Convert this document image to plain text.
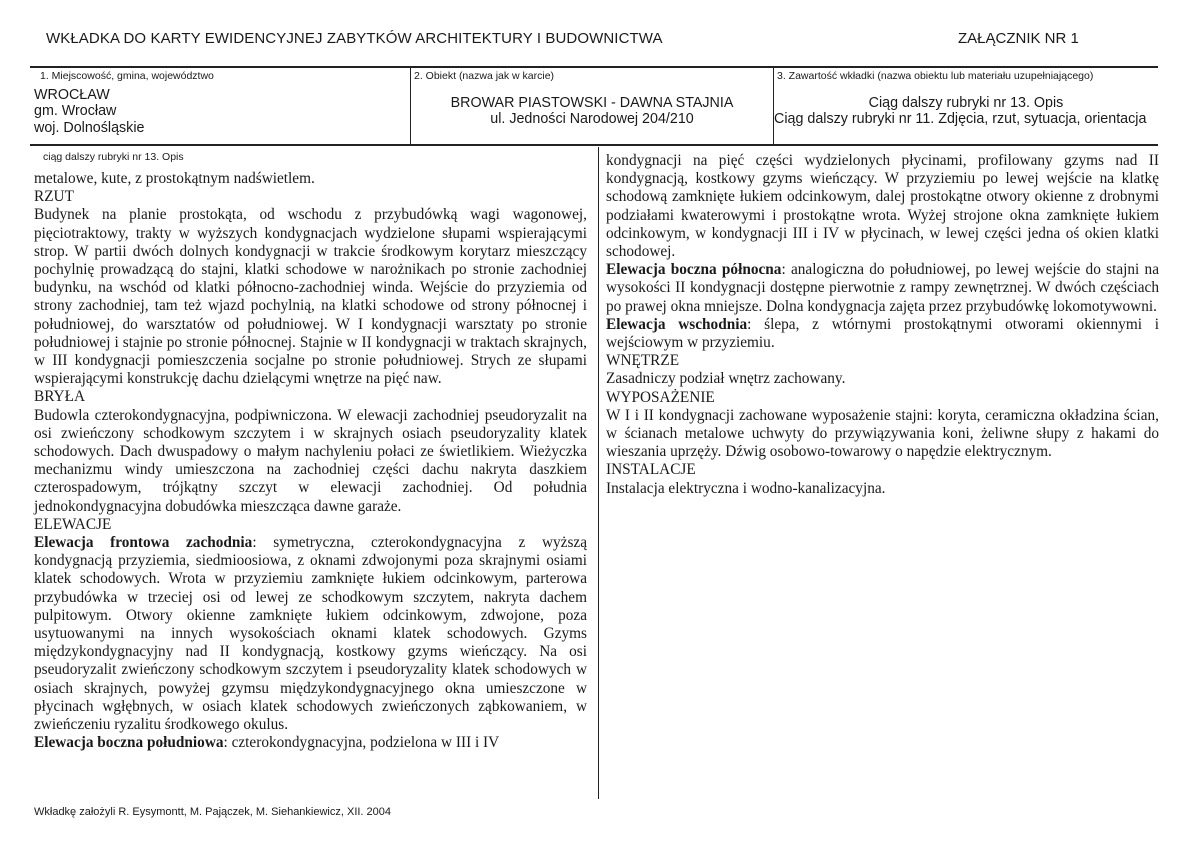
WKŁADKA DO KARTY EWIDENCYJNEJ ZABYTKÓW ARCHITEKTURY I BUDOWNICTWA	ZAŁĄCZNIK NR 1
1. Miejscowość, gmina, województwo
WROCŁAW
gm. Wrocław
woj. Dolnośląskie
2. Obiekt (nazwa jak w karcie)
BROWAR PIASTOWSKI - DAWNA STAJNIA
ul. Jedności Narodowej 204/210
3. Zawartość wkładki (nazwa obiektu lub materiału uzupełniającego)
Ciąg dalszy rubryki nr 13. Opis
Ciąg dalszy rubryki nr 11. Zdjęcia, rzut, sytuacja, orientacja
ciąg dalszy rubryki nr 13. Opis

metalowe, kute, z prostokątnym nadświetlem.

RZUT

Budynek na planie prostokąta, od wschodu z przybudówką wagi wagonowej, pięciotraktowy, trakty w wyższych kondygnacjach wydzielone słupami wspierającymi strop. W partii dwóch dolnych kondygnacji w trakcie środkowym korytarz mieszczący pochylnię prowadzącą do stajni, klatki schodowe w narożnikach po stronie zachodniej budynku, na wschód od klatki północno-zachodniej winda. Wejście do przyziemia od strony zachodniej, tam też wjazd pochylnią, na klatki schodowe od strony północnej i południowej, do warsztatów od południowej. W I kondygnacji warsztaty po stronie południowej i stajnie po stronie północnej. Stajnie w II kondygnacji w traktach skrajnych, w III kondygnacji pomieszczenia socjalne po stronie południowej. Strych ze słupami wspierającymi konstrukcję dachu dzielącymi wnętrze na pięć naw.

BRYŁA

Budowla czterokondygnacyjna, podpiwniczona. W elewacji zachodniej pseudoryzalit na osi zwieńczony schodkowym szczytem i w skrajnych osiach pseudoryzality klatek schodowych. Dach dwuspadowy o małym nachyleniu połaci ze świetlikiem. Wieżyczka mechanizmu windy umieszczona na zachodniej części dachu nakryta daszkiem czterospadowym, trójkątny szczyt w elewacji zachodniej. Od południa jednokondygnacyjna dobudówka mieszcząca dawne garaże.

ELEWACJE

Elewacja frontowa zachodnia: symetryczna, czterokondygnacyjna z wyższą kondygnacją przyziemia, siedmioosiowa, z oknami zdwojonymi poza skrajnymi osiami klatek schodowych. Wrota w przyziemiu zamknięte łukiem odcinkowym, parterowa przybudówka w trzeciej osi od lewej ze schodkowym szczytem, nakryta dachem pulpitowym. Otwory okienne zamknięte łukiem odcinkowym, zdwojone, poza usytuowanymi na innych wysokościach oknami klatek schodowych. Gzyms międzykondygnacyjny nad II kondygnacją, kostkowy gzyms wieńczący. Na osi pseudoryzalit zwieńczony schodkowym szczytem i pseudoryzality klatek schodowych w osiach skrajnych, powyżej gzymsu międzykondygnacyjnego okna umieszczone w płycinach wgłębnych, w osiach klatek schodowych zwieńczonych ząbkowaniem, w zwieńczeniu ryzalitu środkowego okulus.

Elewacja boczna południowa: czterokondygnacyjna, podzielona w III i IV

kondygnacji na pięć części wydzielonych płycinami, profilowany gzyms nad II kondygnacją, kostkowy gzyms wieńczący. W przyziemiu po lewej wejście na klatkę schodową zamknięte łukiem odcinkowym, dalej prostokątne otwory okienne z drobnymi podziałami kwaterowymi i prostokątne wrota. Wyżej strojone okna zamknięte łukiem odcinkowym, w kondygnacji III i IV w płycinach, w lewej części jedna oś okien klatki schodowej.

Elewacja boczna północna: analogiczna do południowej, po lewej wejście do stajni na wysokości II kondygnacji dostępne pierwotnie z rampy zewnętrznej. W dwóch częściach po prawej okna mniejsze. Dolna kondygnacja zajęta przez przybudówkę lokomotywowni.

Elewacja wschodnia: ślepa, z wtórnymi prostokątnymi otworami okiennymi i wejściowym w przyziemiu.

WNĘTRZE

Zasadniczy podział wnętrz zachowany.

WYPOSAŻENIE

W I i II kondygnacji zachowane wyposażenie stajni: koryta, ceramiczna okładzina ścian, w ścianach metalowe uchwyty do przywiązywania koni, żeliwne słupy z hakami do wieszania uprzęży. Dźwig osobowo-towarowy o napędzie elektrycznym.

INSTALACJE

Instalacja elektryczna i wodno-kanalizacyjna.

Wkładkę założyli R. Eysymontt, M. Pajączek, M. Siehankiewicz, XII. 2004
